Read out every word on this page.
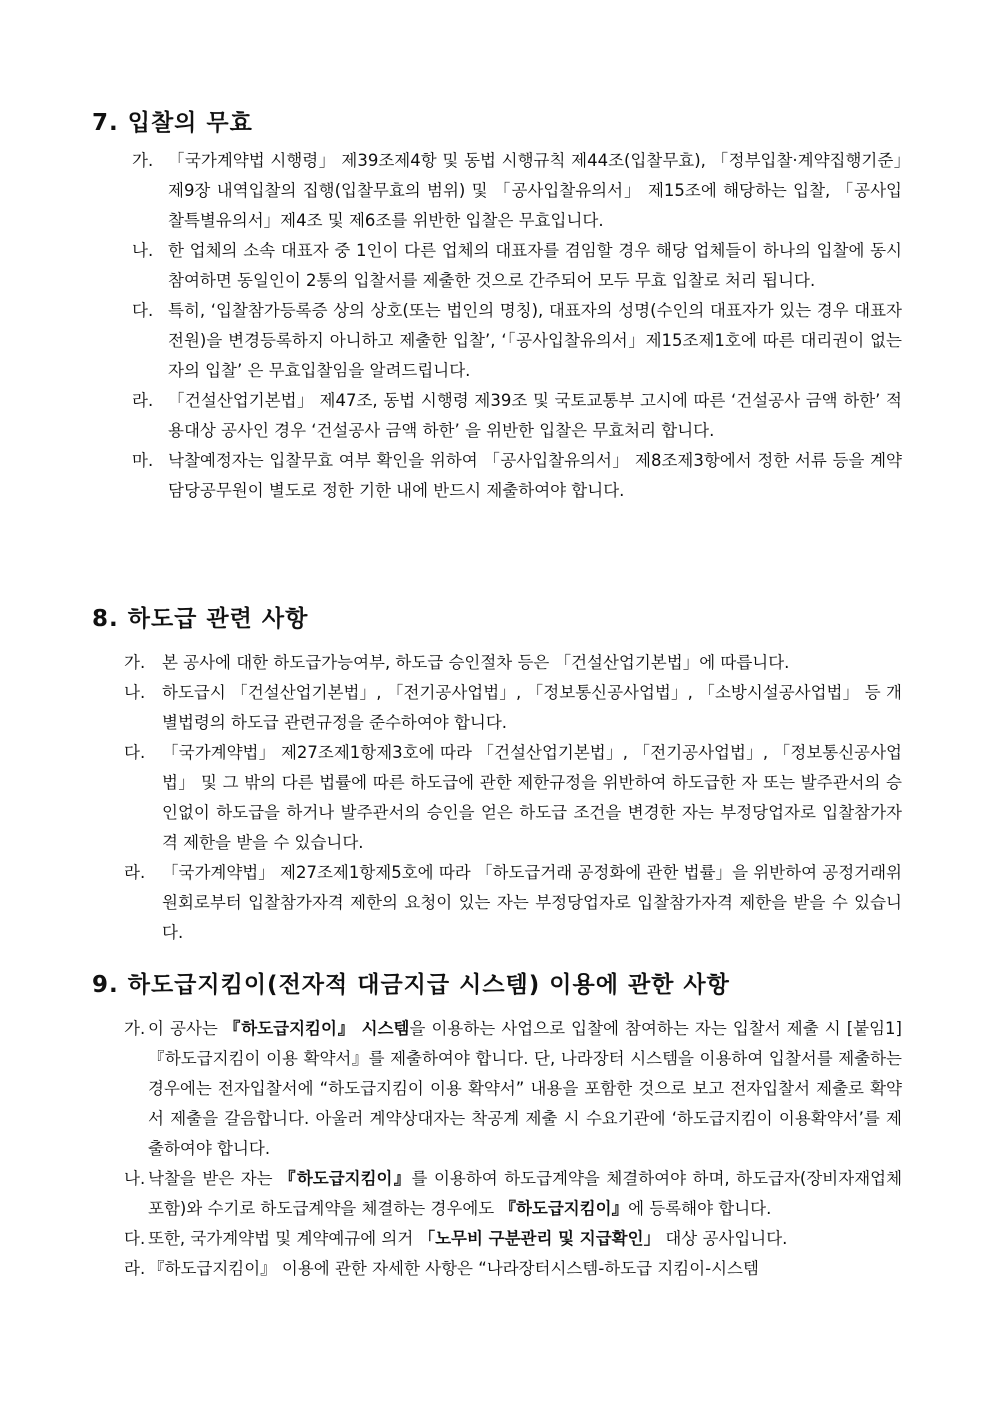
7. 입찰의 무효
가. 「국가계약법 시행령」 제39조제4항 및 동법 시행규칙 제44조(입찰무효), 「정부입찰·계약집행기준」제9장 내역입찰의 집행(입찰무효의 범위) 및 「공사입찰유의서」 제15조에 해당하는 입찰, 「공사입찰특별유의서」제4조 및 제6조를 위반한 입찰은 무효입니다.
나. 한 업체의 소속 대표자 중 1인이 다른 업체의 대표자를 겸임할 경우 해당 업체들이 하나의 입찰에 동시 참여하면 동일인이 2통의 입찰서를 제출한 것으로 간주되어 모두 무효 입찰로 처리 됩니다.
다. 특히, ‘입찰참가등록증 상의 상호(또는 법인의 명칭), 대표자의 성명(수인의 대표자가 있는 경우 대표자 전원)을 변경등록하지 아니하고 제출한 입찰’, ‘「공사입찰유의서」제15조제1호에 따른 대리권이 없는 자의 입찰’ 은 무효입찰임을 알려드립니다.
라. 「건설산업기본법」 제47조, 동법 시행령 제39조 및 국토교통부 고시에 따른 ‘건설공사 금액 하한’ 적용대상 공사인 경우 ‘건설공사 금액 하한’ 을 위반한 입찰은 무효처리 합니다.
마. 낙찰예정자는 입찰무효 여부 확인을 위하여 「공사입찰유의서」 제8조제3항에서 정한 서류 등을 계약담당공무원이 별도로 정한 기한 내에 반드시 제출하여야 합니다.
8. 하도급 관련 사항
가. 본 공사에 대한 하도급가능여부, 하도급 승인절차 등은 「건설산업기본법」에 따릅니다.
나. 하도급시 「건설산업기본법」, 「전기공사업법」, 「정보통신공사업법」, 「소방시설공사업법」 등 개별법령의 하도급 관련규정을 준수하여야 합니다.
다. 「국가계약법」 제27조제1항제3호에 따라 「건설산업기본법」, 「전기공사업법」, 「정보통신공사업법」 및 그 밖의 다른 법률에 따른 하도급에 관한 제한규정을 위반하여 하도급한 자 또는 발주관서의 승인없이 하도급을 하거나 발주관서의 승인을 얻은 하도급 조건을 변경한 자는 부정당업자로 입찰참가자격 제한을 받을 수 있습니다.
라. 「국가계약법」 제27조제1항제5호에 따라 「하도급거래 공정화에 관한 법률」을 위반하여 공정거래위원회로부터 입찰참가자격 제한의 요청이 있는 자는 부정당업자로 입찰참가자격 제한을 받을 수 있습니다.
9. 하도급지킴이(전자적 대금지급 시스템) 이용에 관한 사항
가. 이 공사는 『하도급지킴이』 시스템을 이용하는 사업으로 입찰에 참여하는 자는 입찰서 제출 시 [붙임1] 『하도급지킴이 이용 확약서』를 제출하여야 합니다. 단, 나라장터 시스템을 이용하여 입찰서를 제출하는 경우에는 전자입찰서에 “하도급지킴이 이용 확약서” 내용을 포함한 것으로 보고 전자입찰서 제출로 확약서 제출을 갈음합니다. 아울러 계약상대자는 착공계 제출 시 수요기관에 ‘하도급지킴이 이용확약서’를 제출하여야 합니다.
나. 낙찰을 받은 자는 『하도급지킴이』를 이용하여 하도급계약을 체결하여야 하며, 하도급자(장비자재업체 포함)와 수기로 하도급계약을 체결하는 경우에도 『하도급지킴이』에 등록해야 합니다.
다. 또한, 국가계약법 및 계약예규에 의거 「노무비 구분관리 및 지급확인」 대상 공사입니다.
라. 『하도급지킴이』 이용에 관한 자세한 사항은 “나라장터시스템-하도급 지킴이-시스템
